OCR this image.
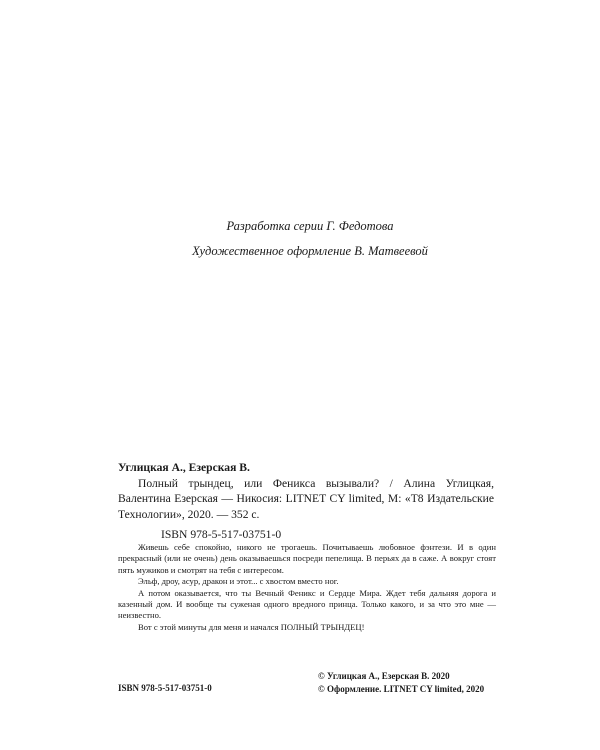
Разработка серии Г. Федотова
Художественное оформление В. Матвеевой
Углицкая А., Езерская В.
Полный трындец, или Феникса вызывали? / Алина Углицкая, Валентина Езерская — Никосия: LITNET CY limited, М: «Т8 Издательские Технологии», 2020. — 352 с.
ISBN 978-5-517-03751-0

Живешь себе спокойно, никого не трогаешь. Почитываешь любовное фэнтези. И в один прекрасный (или не очень) день оказываешься посреди пепелища. В перьях да в саже. А вокруг стоят пять мужиков и смотрят на тебя с интересом.

Эльф, дроу, асур, дракон и этот... с хвостом вместо ног.

А потом оказывается, что ты Вечный Феникс и Сердце Мира. Ждет тебя дальняя дорога и казенный дом. И вообще ты суженая одного вредного принца. Только какого, и за что это мне — неизвестно.

Вот с этой минуты для меня и начался ПОЛНЫЙ ТРЫНДЕЦ!

ISBN 978-5-517-03751-0
© Углицкая А., Езерская В. 2020
© Оформление. LITNET CY limited, 2020
